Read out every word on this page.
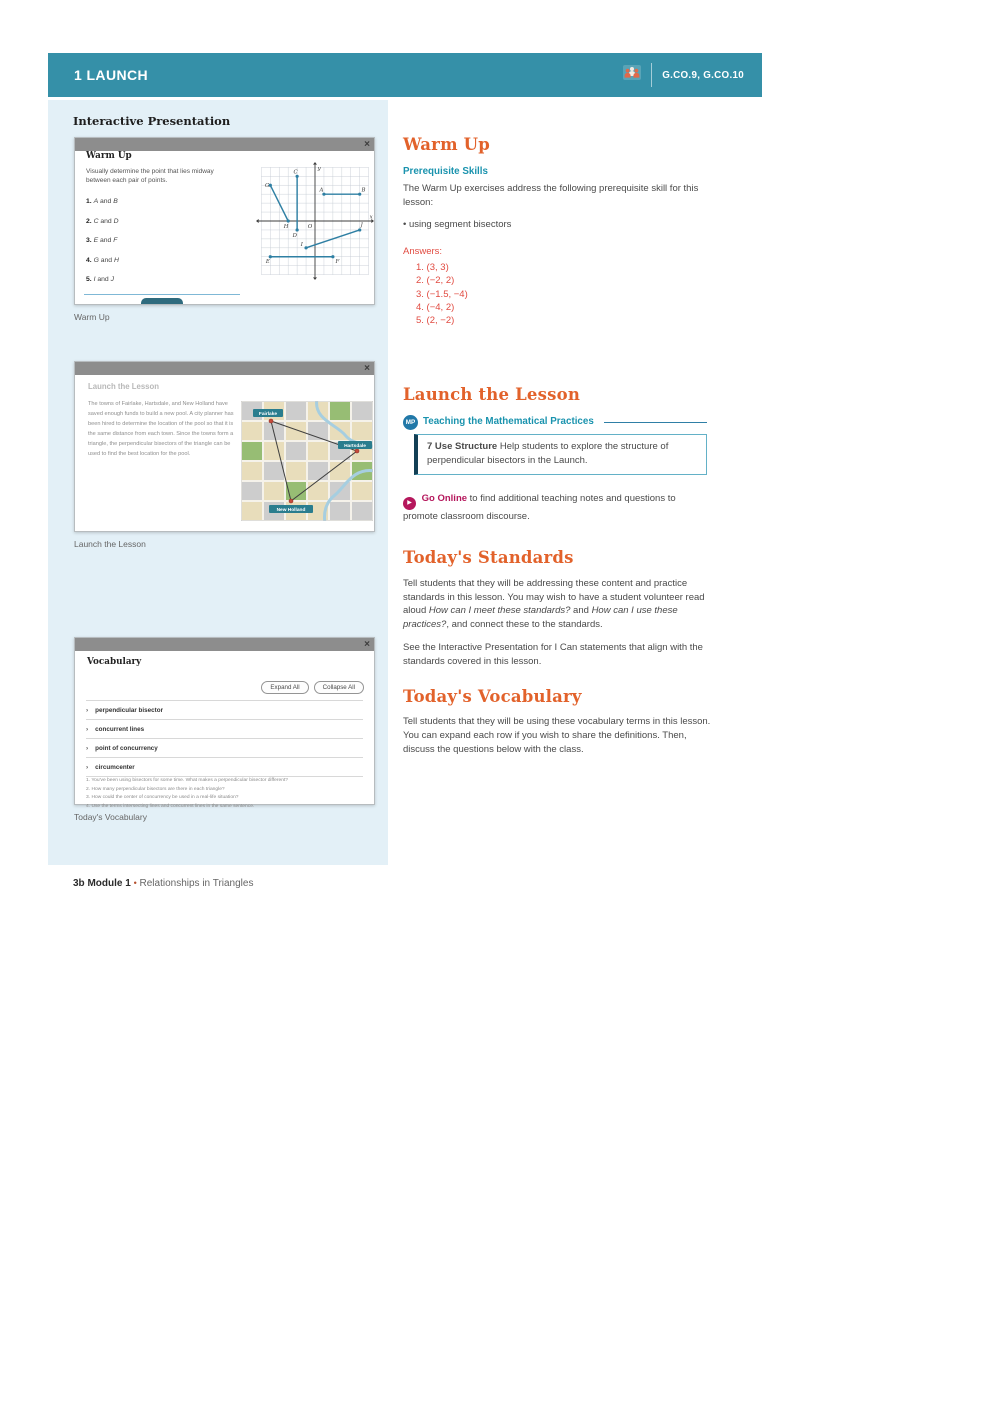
1 LAUNCH	G.CO.9, G.CO.10
Interactive Presentation
×
Warm Up

Visually determine the point that lies midway between each pair of points.

1. A and B
2. C and D
3. E and F
4. G and H
5. I and J
y
x
O
G
H
C
D
A	B
I
J
E	F
Warm Up
×
Launch the Lesson

The towns of Fairlake, Hartsdale, and New Holland have saved enough funds to build a new pool. A city planner has been hired to determine the location of the pool so that it is the same distance from each town. Since the towns form a triangle, the perpendicular bisectors of the triangle can be used to find the best location for the pool.

Fairlake
Hartsdale
New Holland
Launch the Lesson
×
Vocabulary
Expand All	Collapse All
› perpendicular bisector
› concurrent lines
› point of concurrency
› circumcenter
1. You've been using bisectors for some time. What makes a perpendicular bisector different?
2. How many perpendicular bisectors are there in each triangle?
3. How could the center of concurrency be used in a real-life situation?
4. Use the terms intersecting lines and concurrent lines in the same sentence.
Today's Vocabulary
Warm Up
Prerequisite Skills

The Warm Up exercises address the following prerequisite skill for this lesson:

• using segment bisectors

Answers:

1. (3, 3)
2. (−2, 2)
3. (−1.5, −4)
4. (−4, 2)
5. (2, −2)
Launch the Lesson
MP Teaching the Mathematical Practices
7 Use Structure Help students to explore the structure of perpendicular bisectors in the Launch.

▶ Go Online to find additional teaching notes and questions to promote classroom discourse.

Today's Standards

Tell students that they will be addressing these content and practice standards in this lesson. You may wish to have a student volunteer read aloud How can I meet these standards? and How can I use these practices?, and connect these to the standards.

See the Interactive Presentation for I Can statements that align with the standards covered in this lesson.

Today's Vocabulary

Tell students that they will be using these vocabulary terms in this lesson. You can expand each row if you wish to share the definitions. Then, discuss the questions below with the class.

3b Module 1 • Relationships in Triangles
